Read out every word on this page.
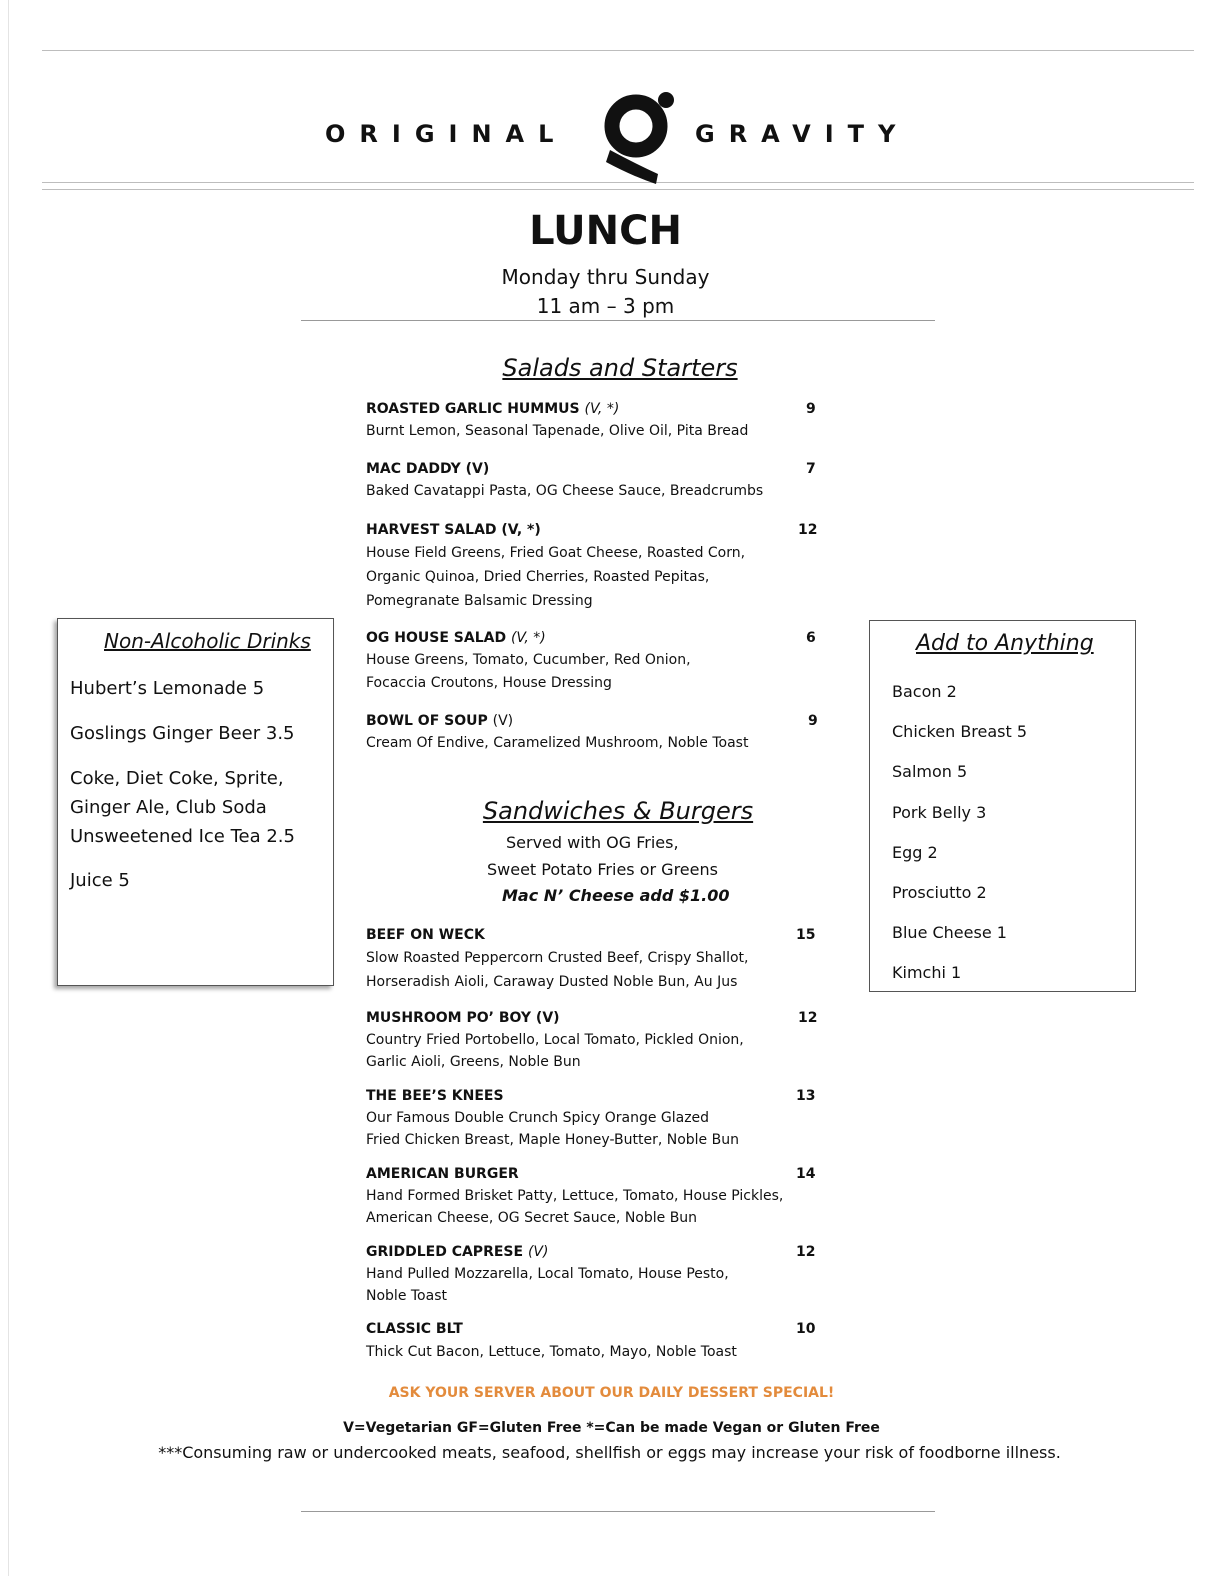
ORIGINAL	GRAVITY
LUNCH
Monday thru Sunday
11 am – 3 pm
Salads and Starters
ROASTED GARLIC HUMMUS (V, *)	9
Burnt Lemon, Seasonal Tapenade, Olive Oil, Pita Bread
MAC DADDY (V)	7
Baked Cavatappi Pasta, OG Cheese Sauce, Breadcrumbs
HARVEST SALAD (V, *)	12
House Field Greens, Fried Goat Cheese, Roasted Corn,
Organic Quinoa, Dried Cherries, Roasted Pepitas,
Pomegranate Balsamic Dressing
OG HOUSE SALAD (V, *)	6
House Greens, Tomato, Cucumber, Red Onion,
Focaccia Croutons, House Dressing
BOWL OF SOUP (V)	9
Cream Of Endive, Caramelized Mushroom, Noble Toast
Sandwiches & Burgers
Served with OG Fries,
Sweet Potato Fries or Greens
Mac N’ Cheese add $1.00
BEEF ON WECK	15
Slow Roasted Peppercorn Crusted Beef, Crispy Shallot,
Horseradish Aioli, Caraway Dusted Noble Bun, Au Jus
MUSHROOM PO’ BOY (V)	12
Country Fried Portobello, Local Tomato, Pickled Onion,
Garlic Aioli, Greens, Noble Bun
THE BEE’S KNEES	13
Our Famous Double Crunch Spicy Orange Glazed
Fried Chicken Breast, Maple Honey-Butter, Noble Bun
AMERICAN BURGER	14
Hand Formed Brisket Patty, Lettuce, Tomato, House Pickles,
American Cheese, OG Secret Sauce, Noble Bun
GRIDDLED CAPRESE (V)	12
Hand Pulled Mozzarella, Local Tomato, House Pesto,
Noble Toast
CLASSIC BLT	10
Thick Cut Bacon, Lettuce, Tomato, Mayo, Noble Toast
Non-Alcoholic Drinks
Hubert’s Lemonade 5
Goslings Ginger Beer 3.5
Coke, Diet Coke, Sprite,
Ginger Ale, Club Soda
Unsweetened Ice Tea 2.5
Juice 5
Add to Anything
Bacon 2
Chicken Breast 5
Salmon 5
Pork Belly 3
Egg 2
Prosciutto 2
Blue Cheese 1
Kimchi 1
ASK YOUR SERVER ABOUT OUR DAILY DESSERT SPECIAL!
V=Vegetarian GF=Gluten Free *=Can be made Vegan or Gluten Free
***Consuming raw or undercooked meats, seafood, shellfish or eggs may increase your risk of foodborne illness.
